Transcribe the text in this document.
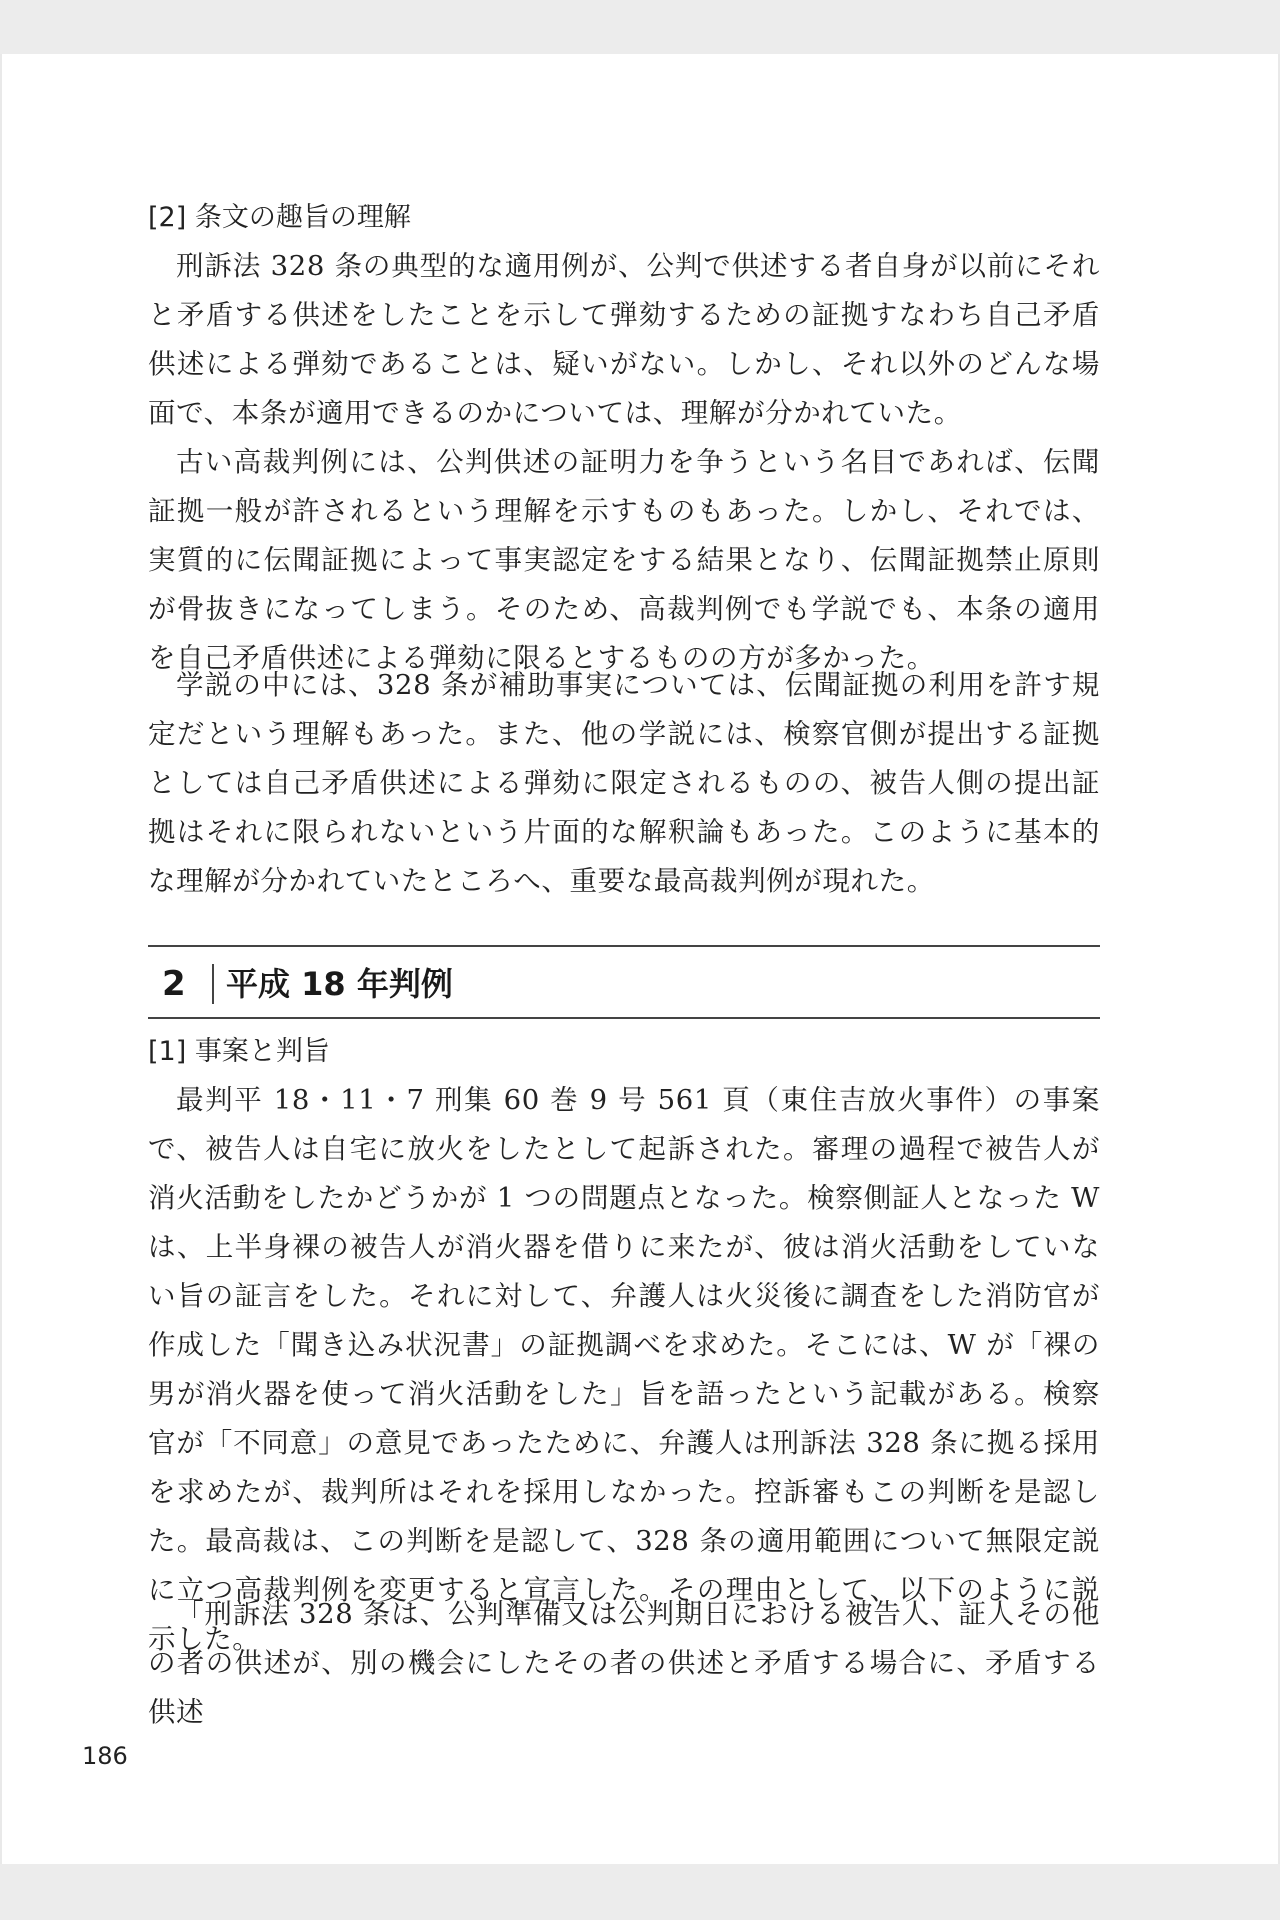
[2] 条文の趣旨の理解

刑訴法 328 条の典型的な適用例が、公判で供述する者自身が以前にそれと矛盾する供述をしたことを示して弾劾するための証拠すなわち自己矛盾供述による弾劾であることは、疑いがない。しかし、それ以外のどんな場面で、本条が適用できるのかについては、理解が分かれていた。

古い高裁判例には、公判供述の証明力を争うという名目であれば、伝聞証拠一般が許されるという理解を示すものもあった。しかし、それでは、実質的に伝聞証拠によって事実認定をする結果となり、伝聞証拠禁止原則が骨抜きになってしまう。そのため、高裁判例でも学説でも、本条の適用を自己矛盾供述による弾劾に限るとするものの方が多かった。

学説の中には、328 条が補助事実については、伝聞証拠の利用を許す規定だという理解もあった。また、他の学説には、検察官側が提出する証拠としては自己矛盾供述による弾劾に限定されるものの、被告人側の提出証拠はそれに限られないという片面的な解釈論もあった。このように基本的な理解が分かれていたところへ、重要な最高裁判例が現れた。

2 平成 18 年判例
[1] 事案と判旨

最判平 18・11・7 刑集 60 巻 9 号 561 頁（東住吉放火事件）の事案で、被告人は自宅に放火をしたとして起訴された。審理の過程で被告人が消火活動をしたかどうかが 1 つの問題点となった。検察側証人となった W は、上半身裸の被告人が消火器を借りに来たが、彼は消火活動をしていない旨の証言をした。それに対して、弁護人は火災後に調査をした消防官が作成した「聞き込み状況書」の証拠調べを求めた。そこには、W が「裸の男が消火器を使って消火活動をした」旨を語ったという記載がある。検察官が「不同意」の意見であったために、弁護人は刑訴法 328 条に拠る採用を求めたが、裁判所はそれを採用しなかった。控訴審もこの判断を是認した。最高裁は、この判断を是認して、328 条の適用範囲について無限定説に立つ高裁判例を変更すると宣言した。その理由として、以下のように説示した。

「刑訴法 328 条は、公判準備又は公判期日における被告人、証人その他の者の供述が、別の機会にしたその者の供述と矛盾する場合に、矛盾する供述

186
